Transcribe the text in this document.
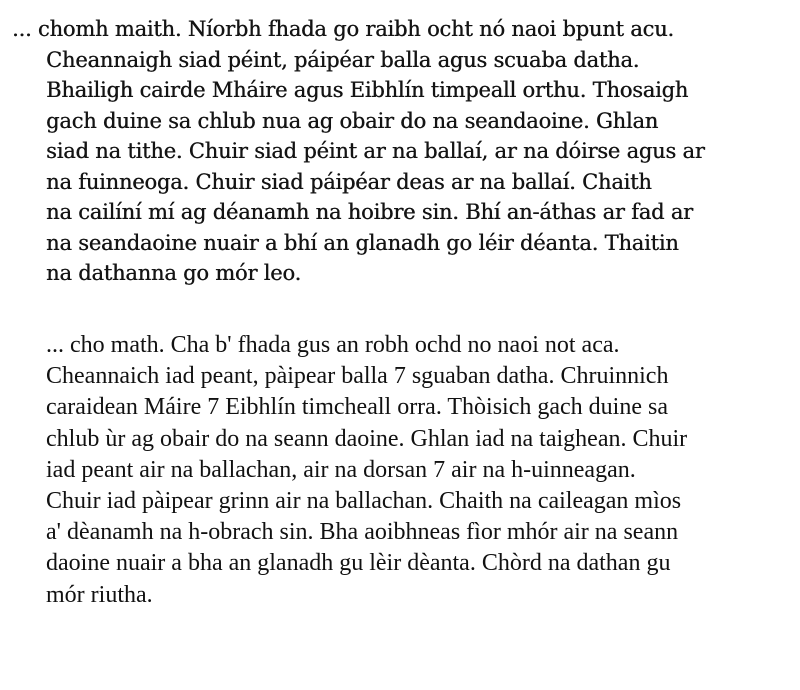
... chomh maith. Níorbh fhada go raibh ocht nó naoi bpunt acu.
Cheannaigh siad péint, páipéar balla agus scuaba datha.
Bhailigh cairde Mháire agus Eibhlín timpeall orthu. Thosaigh
gach duine sa chlub nua ag obair do na seandaoine. Ghlan
siad na tithe. Chuir siad péint ar na ballaí, ar na dóirse agus ar
na fuinneoga. Chuir siad páipéar deas ar na ballaí. Chaith
na cailíní mí ag déanamh na hoibre sin. Bhí an-áthas ar fad ar
na seandaoine nuair a bhí an glanadh go léir déanta. Thaitin
na dathanna go mór leo.
... cho math. Cha b' fhada gus an robh ochd no naoi not aca.
Cheannaich iad peant, pàipear balla 7 sguaban datha. Chruinnich
caraidean Máire 7 Eibhlín timcheall orra. Thòisich gach duine sa
chlub ùr ag obair do na seann daoine. Ghlan iad na taighean. Chuir
iad peant air na ballachan, air na dorsan 7 air na h-uinneagan.
Chuir iad pàipear grinn air na ballachan. Chaith na caileagan mìos
a' dèanamh na h-obrach sin. Bha aoibhneas fìor mhór air na seann
daoine nuair a bha an glanadh gu lèir dèanta. Chòrd na dathan gu
mór riutha.
